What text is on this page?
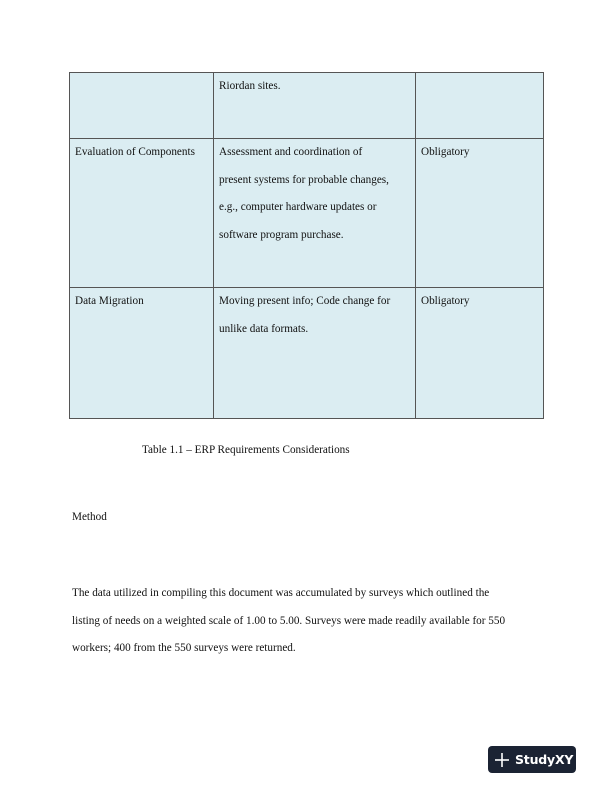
	Riordan sites.	

Evaluation of Components	Assessment and coordination of

present systems for probable changes,

e.g., computer hardware updates or

software program purchase.	Obligatory
Data Migration	Moving present info; Code change for

unlike data formats.	Obligatory

Table 1.1 – ERP Requirements Considerations

Method

The data utilized in compiling this document was accumulated by surveys which outlined the
listing of needs on a weighted scale of 1.00 to 5.00. Surveys were made readily available for 550
workers; 400 from the 550 surveys were returned.
StudyXY
